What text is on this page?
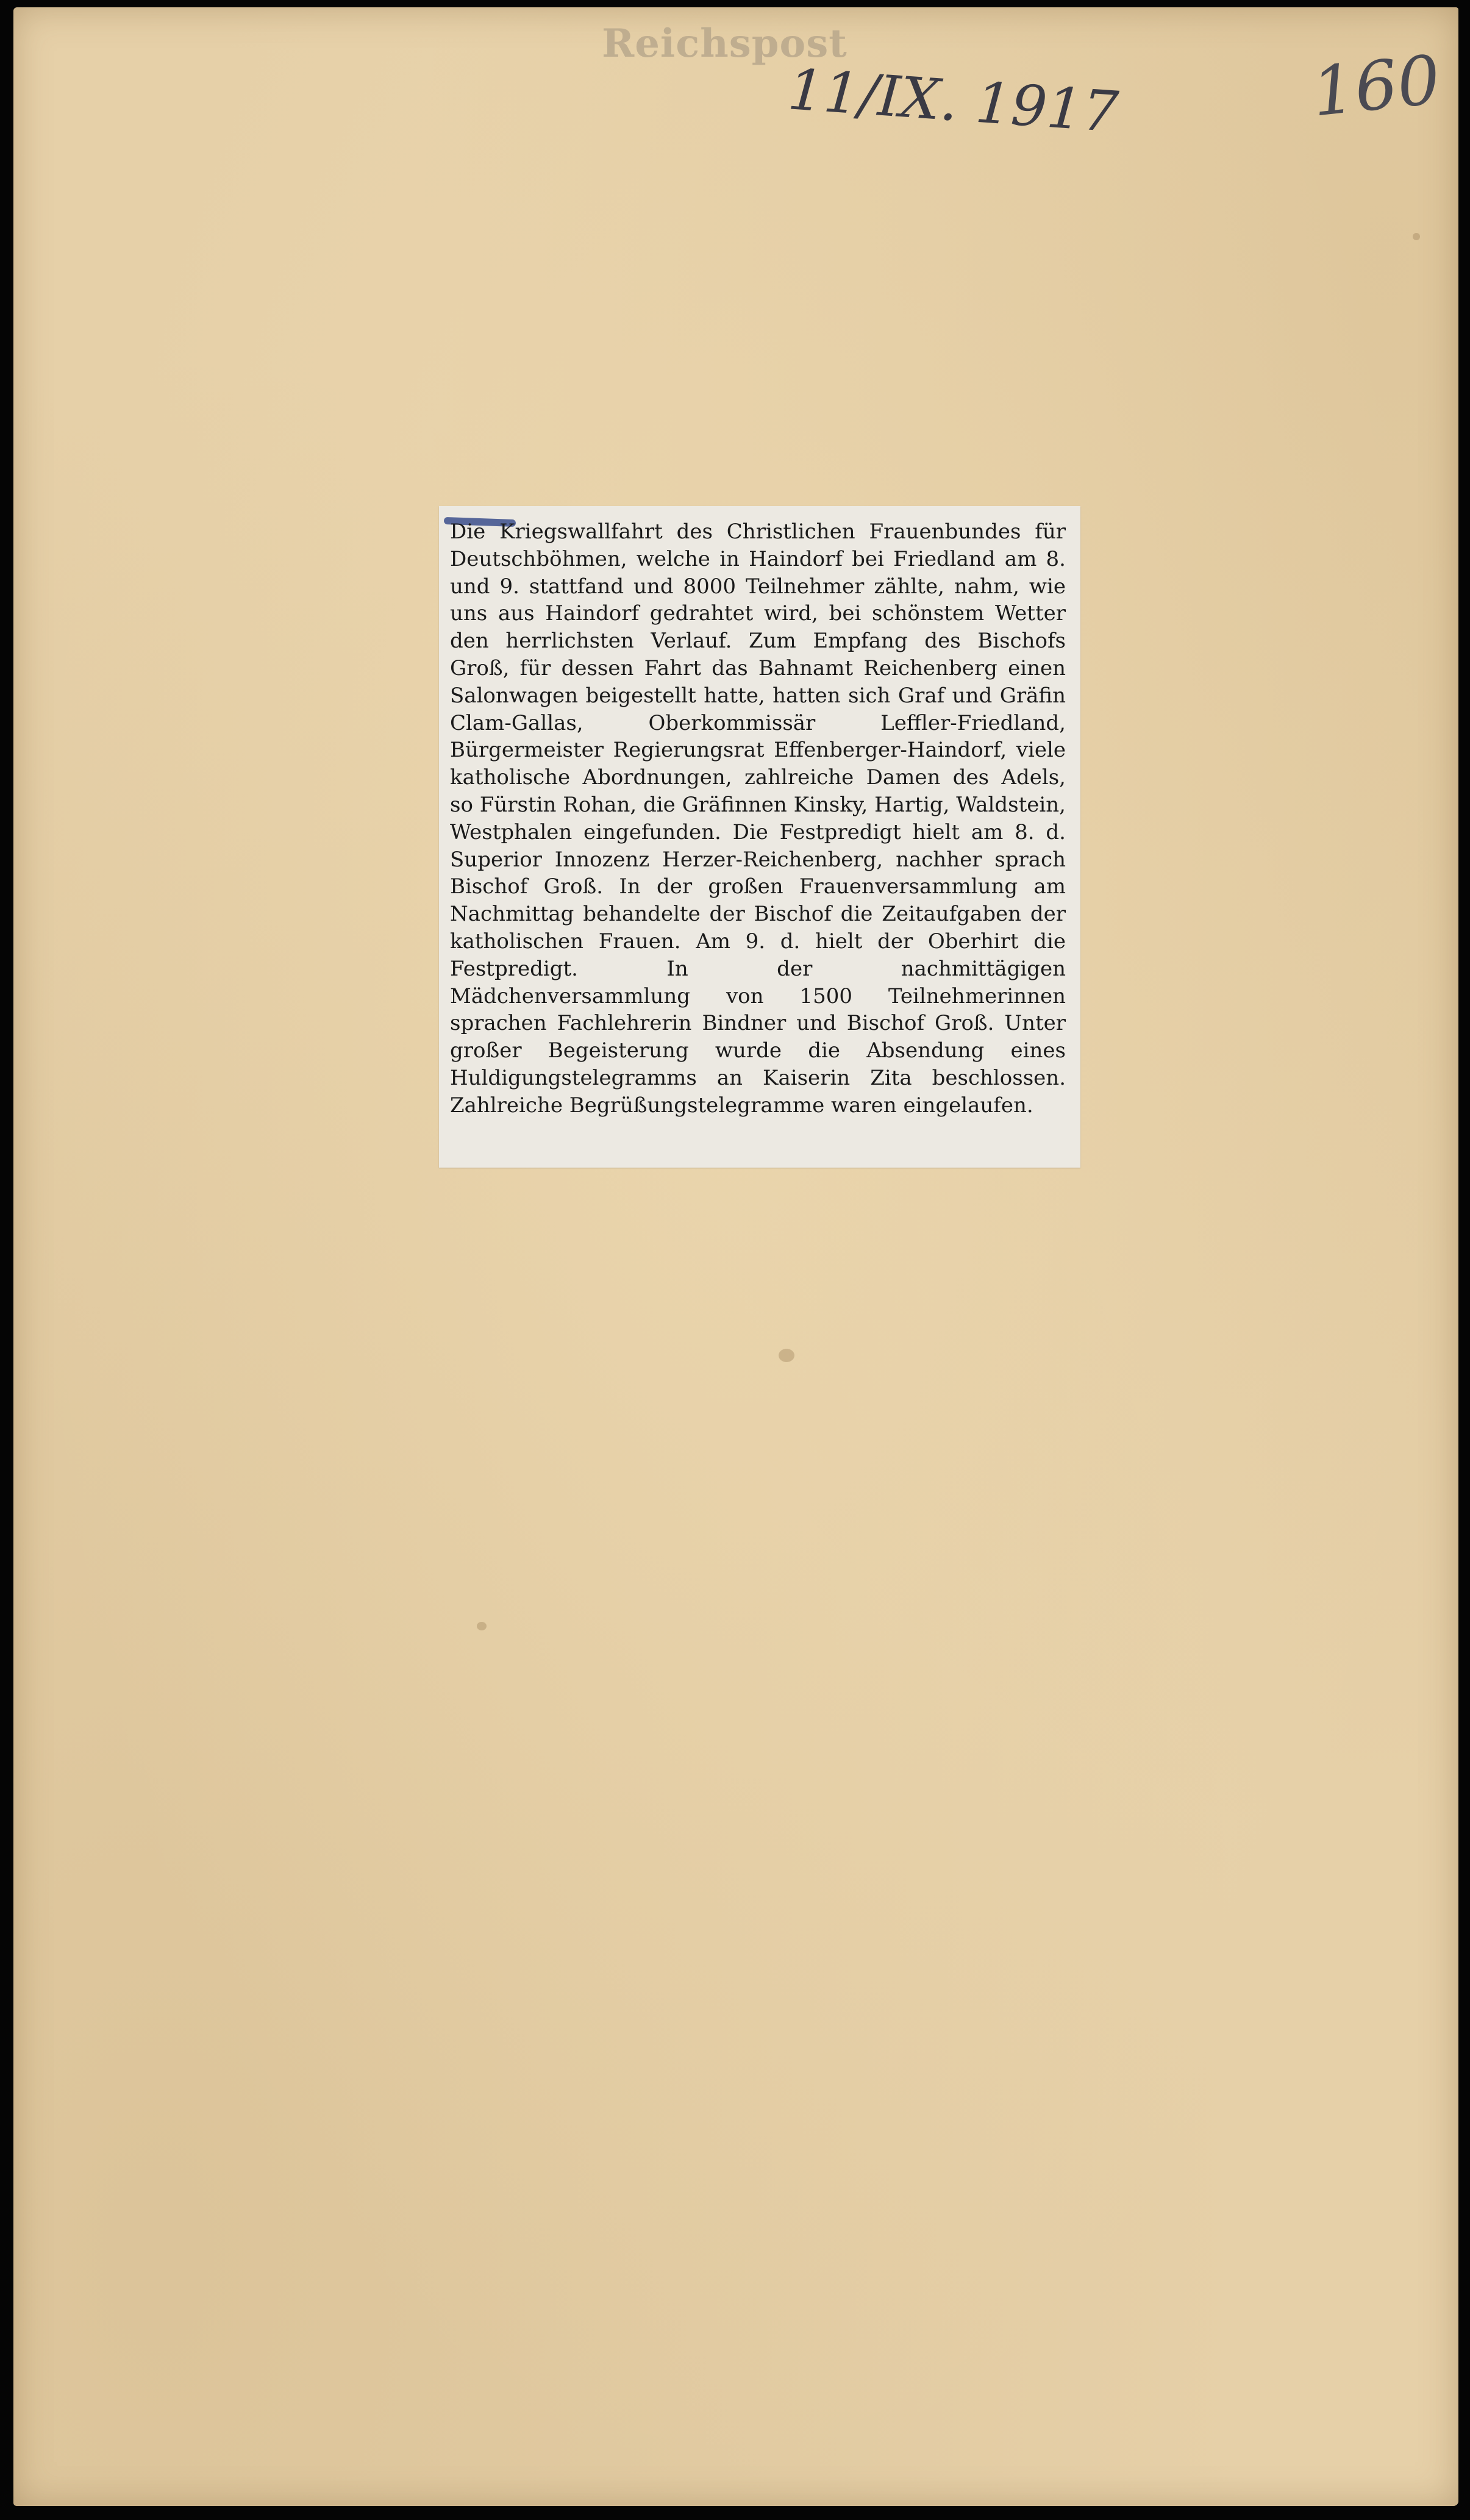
Reichspost
11/IX. 1917	160
Die Kriegswallfahrt des Christlichen Frauenbundes für Deutschböhmen, welche in Haindorf bei Friedland am 8. und 9. stattfand und 8000 Teilnehmer zählte, nahm, wie uns aus Haindorf gedrahtet wird, bei schönstem Wetter den herrlichsten Verlauf. Zum Empfang des Bischofs Groß, für dessen Fahrt das Bahnamt Reichenberg einen Salonwagen beigestellt hatte, hatten sich Graf und Gräfin Clam-Gallas, Oberkommissär Leffler-Friedland, Bürgermeister Regierungsrat Effenberger-Haindorf, viele katholische Abordnungen, zahlreiche Damen des Adels, so Fürstin Rohan, die Gräfinnen Kinsky, Hartig, Waldstein, Westphalen eingefunden. Die Festpredigt hielt am 8. d. Superior Innozenz Herzer-Reichenberg, nachher sprach Bischof Groß. In der großen Frauenversammlung am Nachmittag behandelte der Bischof die Zeitaufgaben der katholischen Frauen. Am 9. d. hielt der Oberhirt die Festpredigt. In der nachmittägigen Mädchenversammlung von 1500 Teilnehmerinnen sprachen Fachlehrerin Bindner und Bischof Groß. Unter großer Begeisterung wurde die Absendung eines Huldigungstelegramms an Kaiserin Zita beschlossen. Zahlreiche Begrüßungstelegramme waren eingelaufen.
